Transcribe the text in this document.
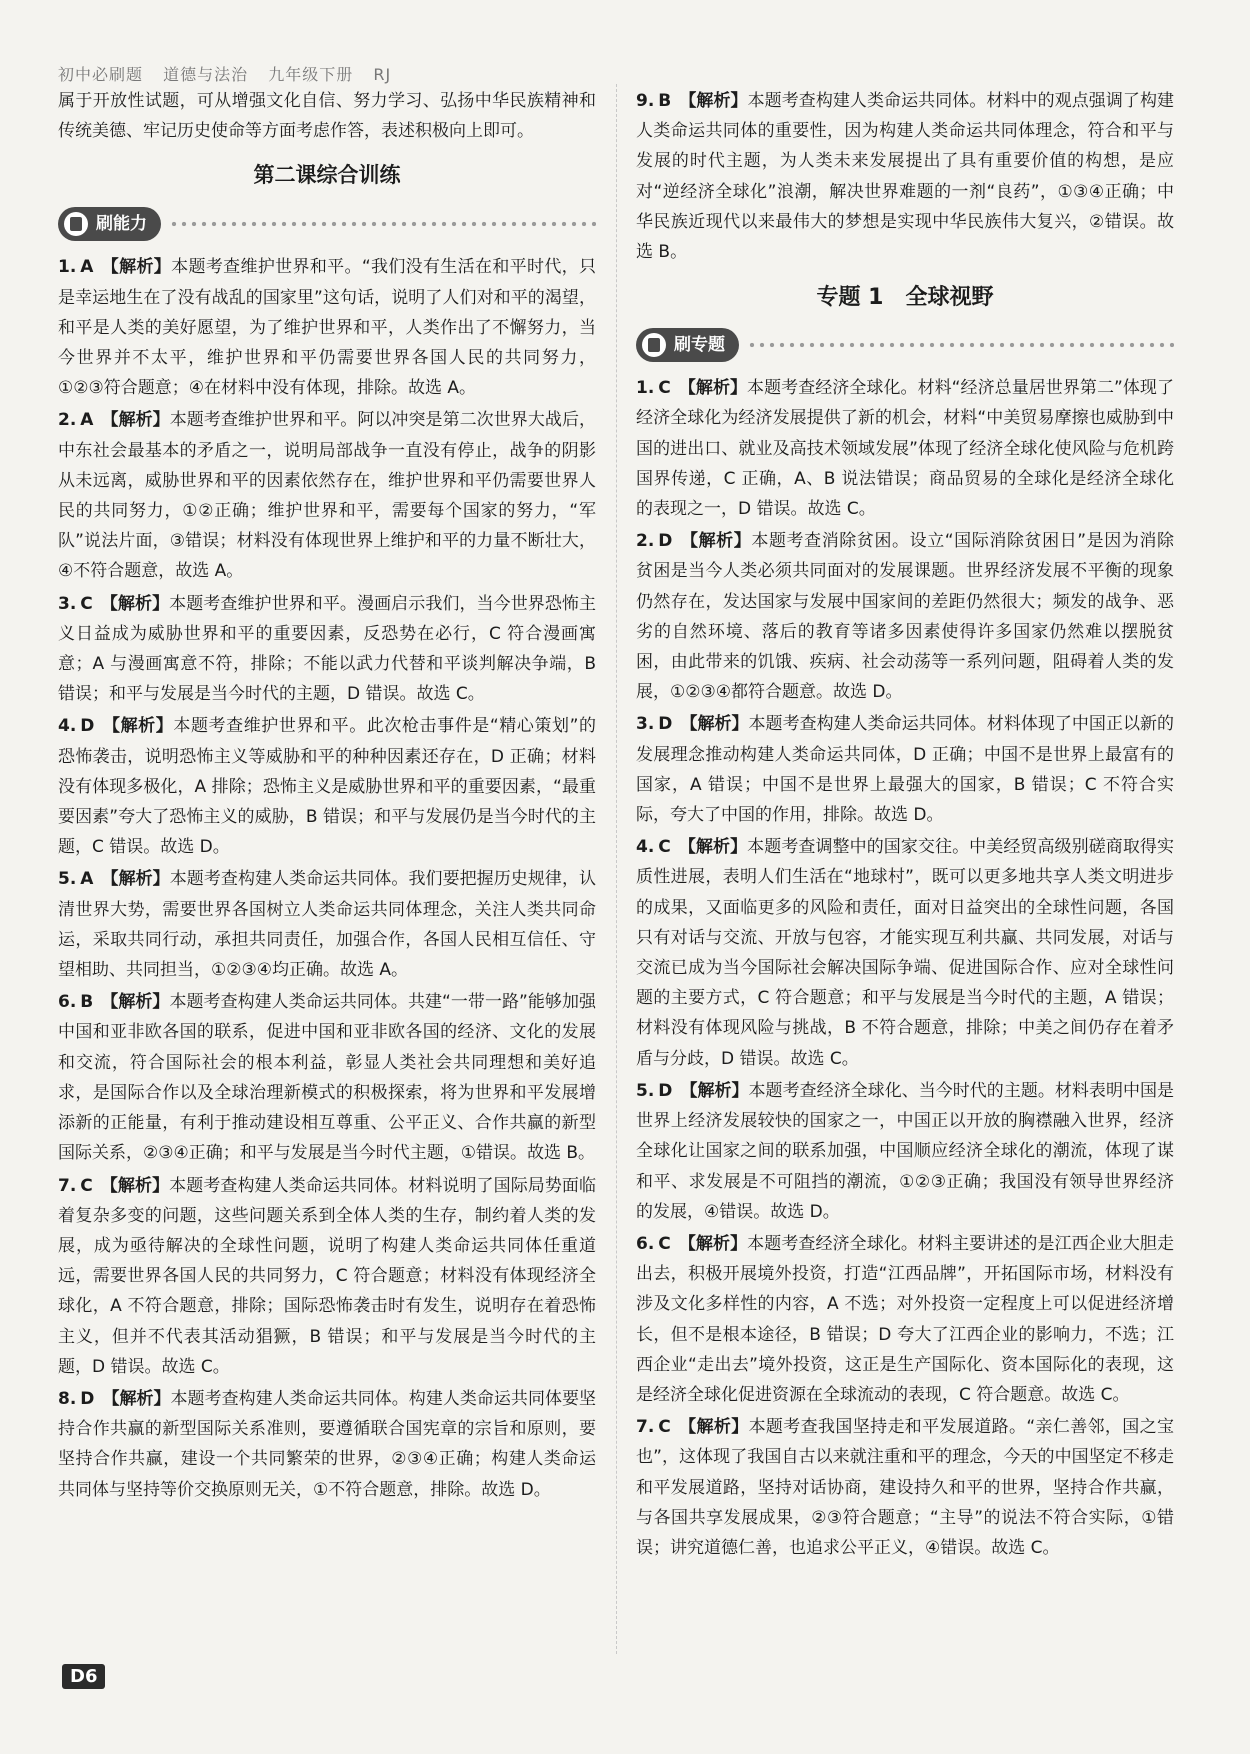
初中必刷题 道德与法治 九年级下册 RJ

属于开放性试题，可从增强文化自信、努力学习、弘扬中华民族精神和传统美德、牢记历史使命等方面考虑作答，表述积极向上即可。

第二课综合训练
刷能力

1. A 【解析】本题考查维护世界和平。“我们没有生活在和平时代，只是幸运地生在了没有战乱的国家里”这句话，说明了人们对和平的渴望，和平是人类的美好愿望，为了维护世界和平，人类作出了不懈努力，当今世界并不太平，维护世界和平仍需要世界各国人民的共同努力，①②③符合题意；④在材料中没有体现，排除。故选 A。

2. A 【解析】本题考查维护世界和平。阿以冲突是第二次世界大战后，中东社会最基本的矛盾之一，说明局部战争一直没有停止，战争的阴影从未远离，威胁世界和平的因素依然存在，维护世界和平仍需要世界人民的共同努力，①②正确；维护世界和平，需要每个国家的努力，“军队”说法片面，③错误；材料没有体现世界上维护和平的力量不断壮大，④不符合题意，故选 A。

3. C 【解析】本题考查维护世界和平。漫画启示我们，当今世界恐怖主义日益成为威胁世界和平的重要因素，反恐势在必行，C 符合漫画寓意；A 与漫画寓意不符，排除；不能以武力代替和平谈判解决争端，B 错误；和平与发展是当今时代的主题，D 错误。故选 C。

4. D 【解析】本题考查维护世界和平。此次枪击事件是“精心策划”的恐怖袭击，说明恐怖主义等威胁和平的种种因素还存在，D 正确；材料没有体现多极化，A 排除；恐怖主义是威胁世界和平的重要因素，“最重要因素”夸大了恐怖主义的威胁，B 错误；和平与发展仍是当今时代的主题，C 错误。故选 D。

5. A 【解析】本题考查构建人类命运共同体。我们要把握历史规律，认清世界大势，需要世界各国树立人类命运共同体理念，关注人类共同命运，采取共同行动，承担共同责任，加强合作，各国人民相互信任、守望相助、共同担当，①②③④均正确。故选 A。

6. B 【解析】本题考查构建人类命运共同体。共建“一带一路”能够加强中国和亚非欧各国的联系，促进中国和亚非欧各国的经济、文化的发展和交流，符合国际社会的根本利益，彰显人类社会共同理想和美好追求，是国际合作以及全球治理新模式的积极探索，将为世界和平发展增添新的正能量，有利于推动建设相互尊重、公平正义、合作共赢的新型国际关系，②③④正确；和平与发展是当今时代主题，①错误。故选 B。

7. C 【解析】本题考查构建人类命运共同体。材料说明了国际局势面临着复杂多变的问题，这些问题关系到全体人类的生存，制约着人类的发展，成为亟待解决的全球性问题，说明了构建人类命运共同体任重道远，需要世界各国人民的共同努力，C 符合题意；材料没有体现经济全球化，A 不符合题意，排除；国际恐怖袭击时有发生，说明存在着恐怖主义，但并不代表其活动猖獗，B 错误；和平与发展是当今时代的主题，D 错误。故选 C。

8. D 【解析】本题考查构建人类命运共同体。构建人类命运共同体要坚持合作共赢的新型国际关系准则，要遵循联合国宪章的宗旨和原则，要坚持合作共赢，建设一个共同繁荣的世界，②③④正确；构建人类命运共同体与坚持等价交换原则无关，①不符合题意，排除。故选 D。

9. B 【解析】本题考查构建人类命运共同体。材料中的观点强调了构建人类命运共同体的重要性，因为构建人类命运共同体理念，符合和平与发展的时代主题，为人类未来发展提出了具有重要价值的构想，是应对“逆经济全球化”浪潮，解决世界难题的一剂“良药”，①③④正确；中华民族近现代以来最伟大的梦想是实现中华民族伟大复兴，②错误。故选 B。

专题 1　全球视野
刷专题

1. C 【解析】本题考查经济全球化。材料“经济总量居世界第二”体现了经济全球化为经济发展提供了新的机会，材料“中美贸易摩擦也威胁到中国的进出口、就业及高技术领域发展”体现了经济全球化使风险与危机跨国界传递，C 正确，A、B 说法错误；商品贸易的全球化是经济全球化的表现之一，D 错误。故选 C。

2. D 【解析】本题考查消除贫困。设立“国际消除贫困日”是因为消除贫困是当今人类必须共同面对的发展课题。世界经济发展不平衡的现象仍然存在，发达国家与发展中国家间的差距仍然很大；频发的战争、恶劣的自然环境、落后的教育等诸多因素使得许多国家仍然难以摆脱贫困，由此带来的饥饿、疾病、社会动荡等一系列问题，阻碍着人类的发展，①②③④都符合题意。故选 D。

3. D 【解析】本题考查构建人类命运共同体。材料体现了中国正以新的发展理念推动构建人类命运共同体，D 正确；中国不是世界上最富有的国家，A 错误；中国不是世界上最强大的国家，B 错误；C 不符合实际，夸大了中国的作用，排除。故选 D。

4. C 【解析】本题考查调整中的国家交往。中美经贸高级别磋商取得实质性进展，表明人们生活在“地球村”，既可以更多地共享人类文明进步的成果，又面临更多的风险和责任，面对日益突出的全球性问题，各国只有对话与交流、开放与包容，才能实现互利共赢、共同发展，对话与交流已成为当今国际社会解决国际争端、促进国际合作、应对全球性问题的主要方式，C 符合题意；和平与发展是当今时代的主题，A 错误；材料没有体现风险与挑战，B 不符合题意，排除；中美之间仍存在着矛盾与分歧，D 错误。故选 C。

5. D 【解析】本题考查经济全球化、当今时代的主题。材料表明中国是世界上经济发展较快的国家之一，中国正以开放的胸襟融入世界，经济全球化让国家之间的联系加强，中国顺应经济全球化的潮流，体现了谋和平、求发展是不可阻挡的潮流，①②③正确；我国没有领导世界经济的发展，④错误。故选 D。

6. C 【解析】本题考查经济全球化。材料主要讲述的是江西企业大胆走出去，积极开展境外投资，打造“江西品牌”，开拓国际市场，材料没有涉及文化多样性的内容，A 不选；对外投资一定程度上可以促进经济增长，但不是根本途径，B 错误；D 夸大了江西企业的影响力，不选；江西企业“走出去”境外投资，这正是生产国际化、资本国际化的表现，这是经济全球化促进资源在全球流动的表现，C 符合题意。故选 C。

7. C 【解析】本题考查我国坚持走和平发展道路。“亲仁善邻，国之宝也”，这体现了我国自古以来就注重和平的理念，今天的中国坚定不移走和平发展道路，坚持对话协商，建设持久和平的世界，坚持合作共赢，与各国共享发展成果，②③符合题意；“主导”的说法不符合实际，①错误；讲究道德仁善，也追求公平正义，④错误。故选 C。

D6
